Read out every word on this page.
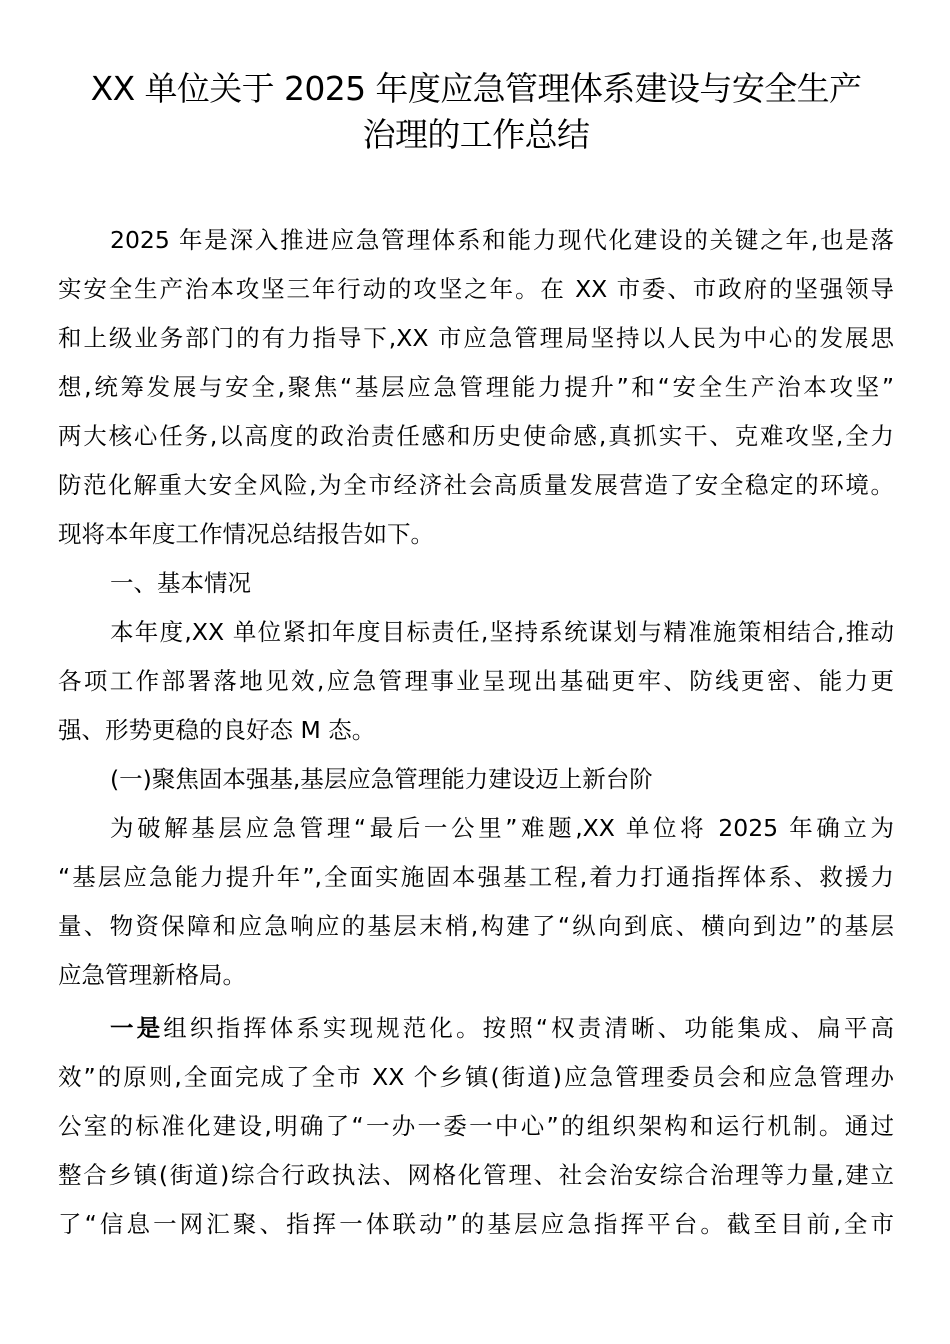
XX 单位关于 2025 年度应急管理体系建设与安全生产
治理的工作总结
2025 年是深入推进应急管理体系和能力现代化建设的关键之年,也是落
实安全生产治本攻坚三年行动的攻坚之年。在 XX 市委、市政府的坚强领导
和上级业务部门的有力指导下,XX 市应急管理局坚持以人民为中心的发展思
想,统筹发展与安全,聚焦“基层应急管理能力提升”和“安全生产治本攻坚”
两大核心任务,以高度的政治责任感和历史使命感,真抓实干、克难攻坚,全力
防范化解重大安全风险,为全市经济社会高质量发展营造了安全稳定的环境。
现将本年度工作情况总结报告如下。
一、基本情况
本年度,XX 单位紧扣年度目标责任,坚持系统谋划与精准施策相结合,推动
各项工作部署落地见效,应急管理事业呈现出基础更牢、防线更密、能力更
强、形势更稳的良好态 M 态。
(一)聚焦固本强基,基层应急管理能力建设迈上新台阶
为破解基层应急管理“最后一公里”难题,XX 单位将 2025 年确立为
“基层应急能力提升年”,全面实施固本强基工程,着力打通指挥体系、救援力
量、物资保障和应急响应的基层末梢,构建了“纵向到底、横向到边”的基层
应急管理新格局。
一是组织指挥体系实现规范化。按照“权责清晰、功能集成、扁平高
效”的原则,全面完成了全市 XX 个乡镇(街道)应急管理委员会和应急管理办
公室的标准化建设,明确了“一办一委一中心”的组织架构和运行机制。通过
整合乡镇(街道)综合行政执法、网格化管理、社会治安综合治理等力量,建立
了“信息一网汇聚、指挥一体联动”的基层应急指挥平台。截至目前,全市
